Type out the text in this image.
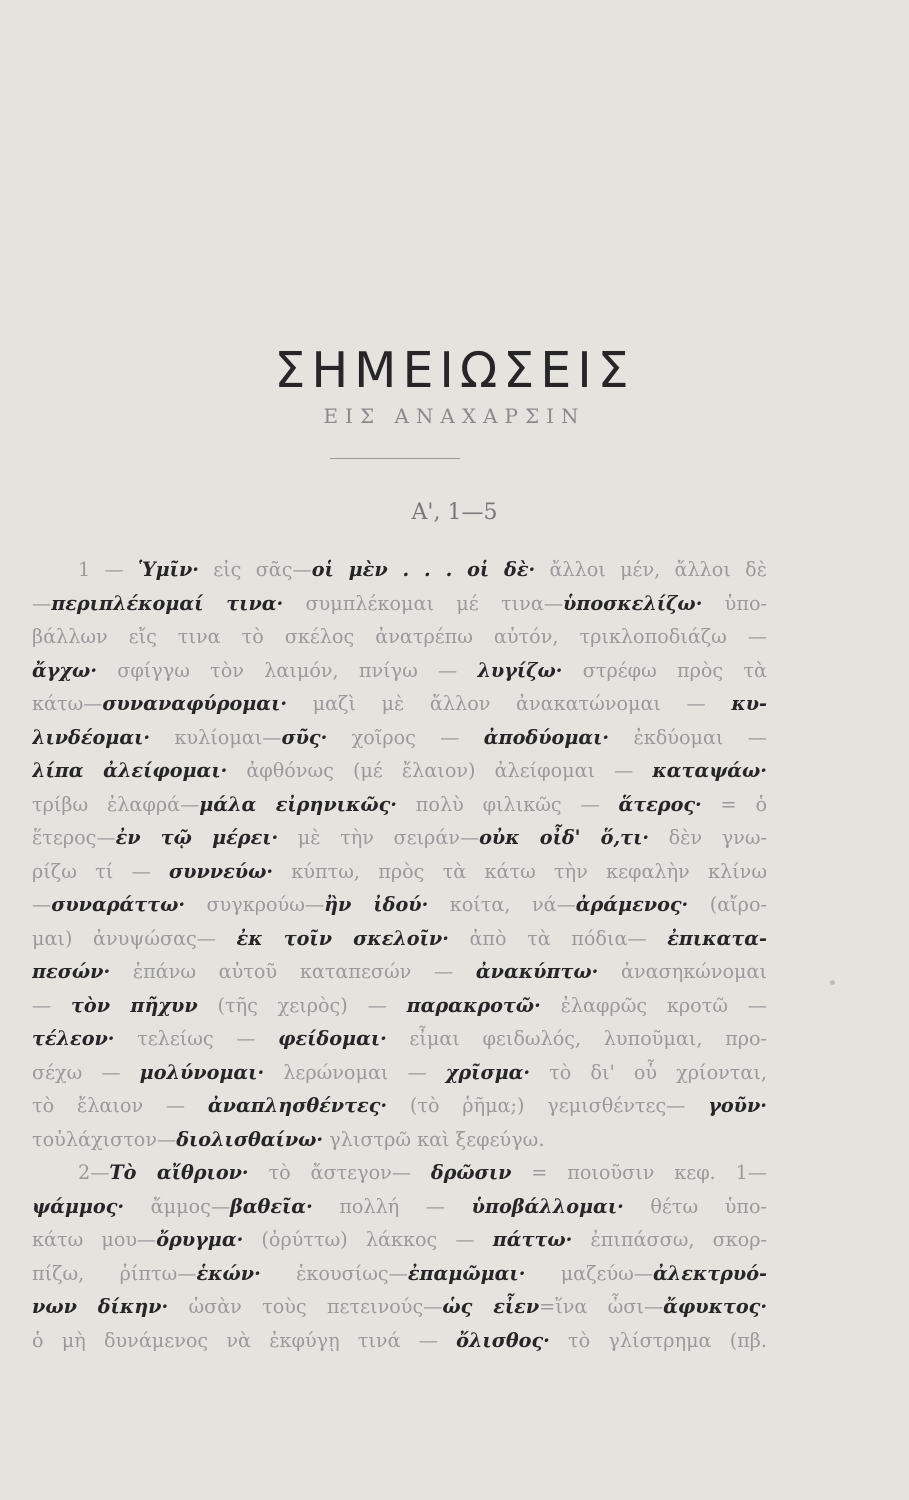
ΣΗΜΕΙΩΣΕΙΣ
ΕΙΣ ΑΝΑΧΑΡΣΙΝ
Α', 1—5
1 — Ὑμῖν· εἰς σᾶς—οἱ μὲν . . . οἱ δὲ· ἄλλοι μέν, ἄλλοι δὲ
—περιπλέκομαί τινα· συμπλέκομαι μέ τινα—ὑποσκελίζω· ὑπο-
βάλλων εἴς τινα τὸ σκέλος ἀνατρέπω αὐτόν, τρικλοποδιάζω —
ἄγχω· σφίγγω τὸν λαιμόν, πνίγω — λυγίζω· στρέφω πρὸς τὰ
κάτω—συναναφύρομαι· μαζὶ μὲ ἄλλον ἀνακατώνομαι — κυ-
λινδέομαι· κυλίομαι—σῦς· χοῖρος — ἀποδύομαι· ἐκδύομαι —
λίπα ἀλείφομαι· ἀφθόνως (μέ ἔλαιον) ἀλείφομαι — καταψάω·
τρίβω ἐλαφρά—μάλα εἰρηνικῶς· πολὺ φιλικῶς — ἅτερος· = ὁ
ἕτερος—ἐν τῷ μέρει· μὲ τὴν σειράν—οὐκ οἶδ' ὅ,τι· δὲν γνω-
ρίζω τί — συννεύω· κύπτω, πρὸς τὰ κάτω τὴν κεφαλὴν κλίνω
—συναράττω· συγκρούω—ἢν ἰδού· κοίτα, νά—ἀράμενος· (αἴρο-
μαι) ἀνυψώσας— ἐκ τοῖν σκελοῖν· ἀπὸ τὰ πόδια— ἐπικατα-
πεσών· ἐπάνω αὐτοῦ καταπεσών — ἀνακύπτω· ἀνασηκώνομαι
— τὸν πῆχυν (τῆς χειρὸς) — παρακροτῶ· ἐλαφρῶς κροτῶ —
τέλεον· τελείως — φείδομαι· εἶμαι φειδωλός, λυποῦμαι, προ-
σέχω — μολύνομαι· λερώνομαι — χρῖσμα· τὸ δι' οὗ χρίονται,
τὸ ἔλαιον — ἀναπλησθέντες· (τὸ ῥῆμα;) γεμισθέντες— γοῦν·
τοὐλάχιστον—διολισθαίνω· γλιστρῶ καὶ ξεφεύγω.
2—Τὸ αἴθριον· τὸ ἄστεγον— δρῶσιν = ποιοῦσιν κεφ. 1—
ψάμμος· ἄμμος—βαθεῖα· πολλή — ὑποβάλλομαι· θέτω ὑπο-
κάτω μου—ὄρυγμα· (ὀρύττω) λάκκος — πάττω· ἐπιπάσσω, σκορ-
πίζω, ῥίπτω—ἑκών· ἑκουσίως—ἐπαμῶμαι· μαζεύω—ἀλεκτρυό-
νων δίκην· ὡσὰν τοὺς πετεινούς—ὡς εἶεν=ἵνα ὦσι—ἄφυκτος·
ὁ μὴ δυνάμενος νὰ ἐκφύγῃ τινά — ὄλισθος· τὸ γλίστρημα (πβ.
